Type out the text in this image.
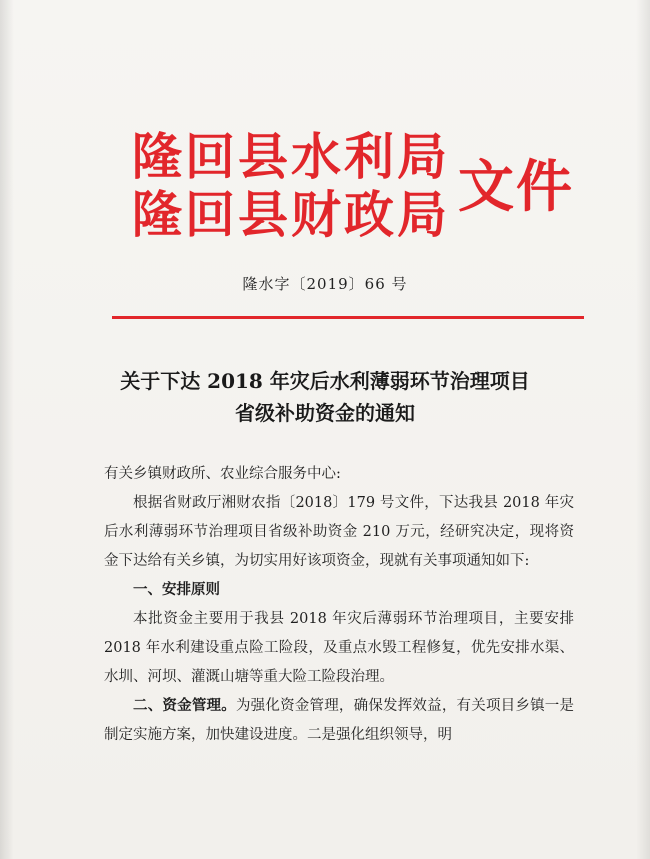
隆回县水利局
隆回县财政局 文件
隆水字〔2019〕66 号
关于下达 2018 年灾后水利薄弱环节治理项目
省级补助资金的通知

有关乡镇财政所、农业综合服务中心:

根据省财政厅湘财农指〔2018〕179 号文件，下达我县 2018 年灾后水利薄弱环节治理项目省级补助资金 210 万元，经研究决定，现将资金下达给有关乡镇，为切实用好该项资金，现就有关事项通知如下:

一、安排原则

本批资金主要用于我县 2018 年灾后薄弱环节治理项目，主要安排 2018 年水利建设重点险工险段，及重点水毁工程修复，优先安排水渠、水圳、河坝、灌溉山塘等重大险工险段治理。

二、资金管理。为强化资金管理，确保发挥效益，有关项目乡镇一是制定实施方案，加快建设进度。二是强化组织领导，明
